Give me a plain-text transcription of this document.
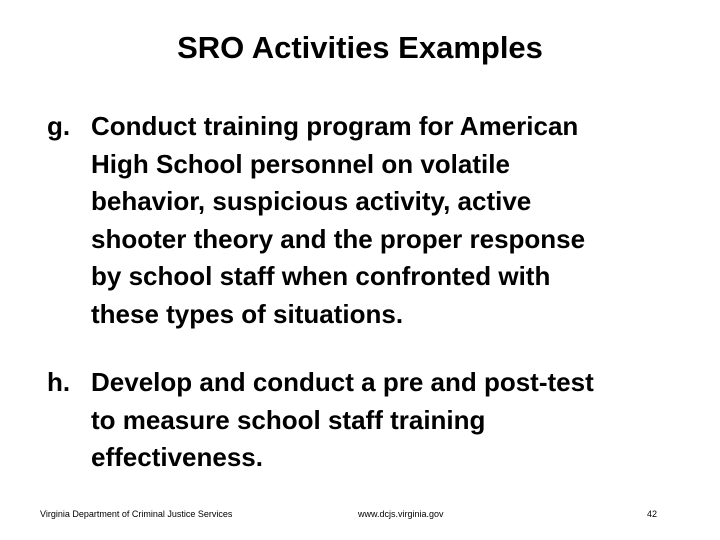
SRO Activities Examples
g. Conduct training program for American
High School personnel on volatile
behavior, suspicious activity, active
shooter theory and the proper response
by school staff when confronted with
these types of situations.
h. Develop and conduct a pre and post-test
to measure school staff training
effectiveness.
Virginia Department of Criminal Justice Services	www.dcjs.virginia.gov	42
